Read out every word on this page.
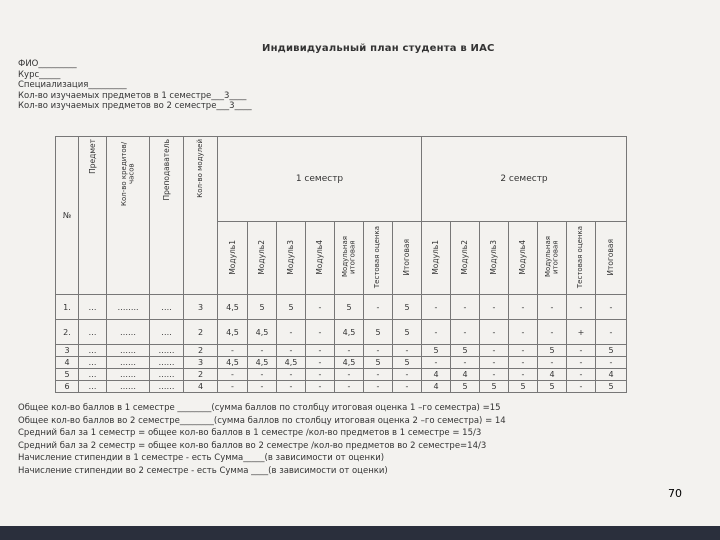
Индивидуальный план студента в ИАС
ФИО_________
Курс_____
Специализация_________
Кол-во изучаемых предметов в 1 семестре___3____
Кол-во изучаемых предметов во 2 семестре___3____
№	Предмет	Кол-во кредитов/часов	Преподаватель	Кол-во модулей	1 семестр							2 семестр						
					Модуль1	Модуль2	Модуль3	Модуль4	Модульная итоговая	Тестовая оценка	Итоговая	Модуль1	Модуль2	Модуль3	Модуль4	Модульная итоговая	Тестовая оценка	Итоговая
1.	…	……..	….	3	4,5	5	5	-	5	-	5	-	-	-	-	-	-	-
2.	…	……	….	2	4,5	4,5	-	-	4,5	5	5	-	-	-	-	-	+	-
3	…	……	……	2	-	-	-	-	-	-	-	5	5	-	-	5	-	5
4	…	……	……	3	4,5	4,5	4,5	-	4,5	5	5	-	-	-	-	-	-	-
5	…	……	……	2	-	-	-	-	-	-	-	4	4	-	-	4	-	4
6	…	……	……	4	-	-	-	-	-	-	-	4	5	5	5	5	-	5
Общее кол-во баллов в 1 семестре ________(сумма баллов по столбцу итоговая оценка 1 –го семестра) =15
Общее кол-во баллов во 2 семестре________(сумма баллов по столбцу итоговая оценка 2 –го семестра) = 14
Средний бал за 1 семестр = общее кол-во баллов в 1 семестре /кол-во предметов в 1 семестре = 15/3
Средний бал за 2 семестр = общее кол-во баллов во 2 семестре /кол-во предметов во 2 семестре=14/3
Начисление стипендии в 1 семестре - есть Сумма_____(в зависимости от оценки)
Начисление стипендии во 2 семестре - есть Сумма ____(в зависимости от оценки)
70
